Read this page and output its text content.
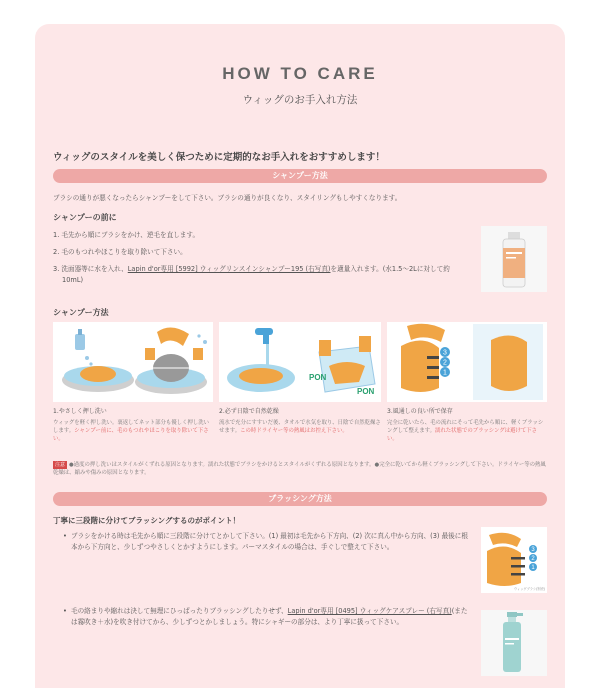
HOW TO CARE
ウィッグのお手入れ方法
ウィッグのスタイルを美しく保つために定期的なお手入れをおすすめします！
シャンプー方法
ブラシの通りが悪くなったらシャンプーをして下さい。ブラシの通りが良くなり、スタイリングもしやすくなります。
シャンプーの前に
1. 毛先から順にブラシをかけ、逆毛を直します。
2. 毛のもつれやほこりを取り除いて下さい。
3. 洗面器等に水を入れ、Lapin d'or専用 [5992] ウィッグリンスインシャンプー195 (右写真)を適量入れます。(水1.5〜2Lに対して約
10mL)
シャンプー方法
PON
PON
3
2
1
1.やさしく押し洗い
ウィッグを軽く押し洗い。裏返してネット部分も優しく押し洗いします。シャンプー前に、毛のもつれやほこりを取り除いて下さい。
2.必ず日陰で自然乾燥
流水で充分にすすいだ後、タオルで水気を取り、日陰で自然乾燥させます。この時ドライヤー等の熱風はお控え下さい。
3.風通しの良い所で保存
完全に乾いたら、毛の流れにそって毛先から順に、軽くブラッシングして整えます。濡れた状態でのブラッシングは避けて下さい。
注意 ●過度の押し洗いはスタイルがくずれる原因となります。濡れた状態でブラシをかけるとスタイルがくずれる原因となります。●完全に乾いてから軽くブラッシングして下さい。ドライヤー等の熱風乾燥は、縮みや傷みの原因となります。
ブラッシング方法
丁寧に三段階に分けてブラッシングするのがポイント！
• ブラシをかける時は毛先から順に三段階に分けてとかして下さい。(1) 最初は毛先から下方向、(2) 次に真ん中から方向、(3) 最後に根本から下方向と、少しずつやさしくとかすようにします。パーマスタイルの場合は、手ぐしで整えて下さい。	3
2
1
ウィッグブラシ(別売)
• 毛の絡まりや縮れは決して無理にひっぱったりブラッシングしたりせず、Lapin d'or専用 [0495] ウィッグケアスプレー (右写真)(または霧吹き＋水)を吹き付けてから、少しずつとかしましょう。特にシャギーの部分は、より丁寧に扱って下さい。
